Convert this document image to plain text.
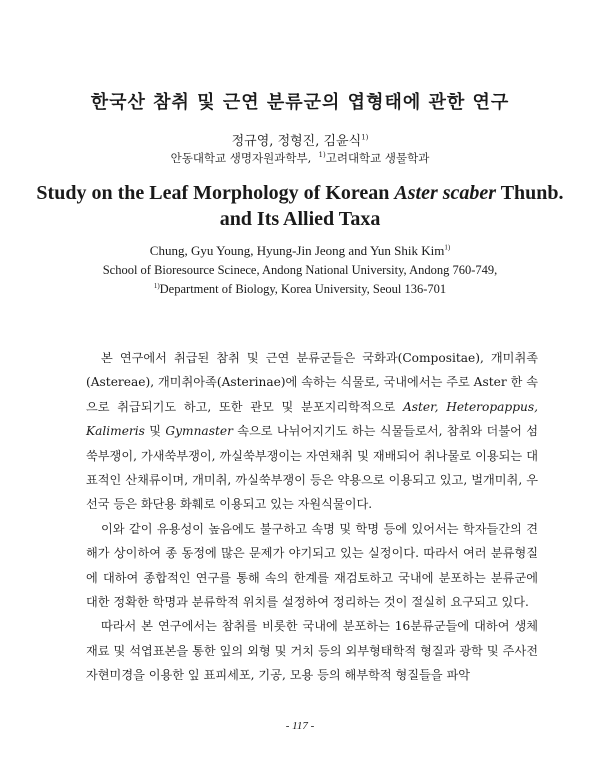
한국산 참취 및 근연 분류군의 엽형태에 관한 연구
정규영, 정형진, 김윤식$^{1)}$
안동대학교 생명자원과학부, $^{1)}$고려대학교 생물학과
Study on the Leaf Morphology of Korean Aster scaber Thunb.
and Its Allied Taxa
Chung, Gyu Young, Hyung-Jin Jeong and Yun Shik Kim$^{1)}$
School of Bioresource Scinece, Andong National University, Andong 760-749,
$^{1)}$Department of Biology, Korea University, Seoul 136-701

본 연구에서 취급된 참취 및 근연 분류군들은 국화과(Compositae), 개미취족(Astereae), 개미취아족(Asterinae)에 속하는 식물로, 국내에서는 주로 Aster 한 속으로 취급되기도 하고, 또한 관모 및 분포지리학적으로 Aster, Heteropappus, Kalimeris 및 Gymnaster 속으로 나뉘어지기도 하는 식물들로서, 참취와 더불어 섬쑥부쟁이, 가새쑥부쟁이, 까실쑥부쟁이는 자연채취 및 재배되어 취나물로 이용되는 대표적인 산채류이며, 개미취, 까실쑥부쟁이 등은 약용으로 이용되고 있고, 벌개미취, 우선국 등은 화단용 화훼로 이용되고 있는 자원식물이다.

이와 같이 유용성이 높음에도 불구하고 속명 및 학명 등에 있어서는 학자들간의 견해가 상이하여 종 동정에 많은 문제가 야기되고 있는 실정이다. 따라서 여러 분류형질에 대하여 종합적인 연구를 통해 속의 한계를 재검토하고 국내에 분포하는 분류군에 대한 정확한 학명과 분류학적 위치를 설정하여 정리하는 것이 절실히 요구되고 있다.

따라서 본 연구에서는 참취를 비롯한 국내에 분포하는 16분류군들에 대하여 생체재료 및 석엽표본을 통한 잎의 외형 및 거치 등의 외부형태학적 형질과 광학 및 주사전자현미경을 이용한 잎 표피세포, 기공, 모용 등의 해부학적 형질들을 파악

- 117 -
